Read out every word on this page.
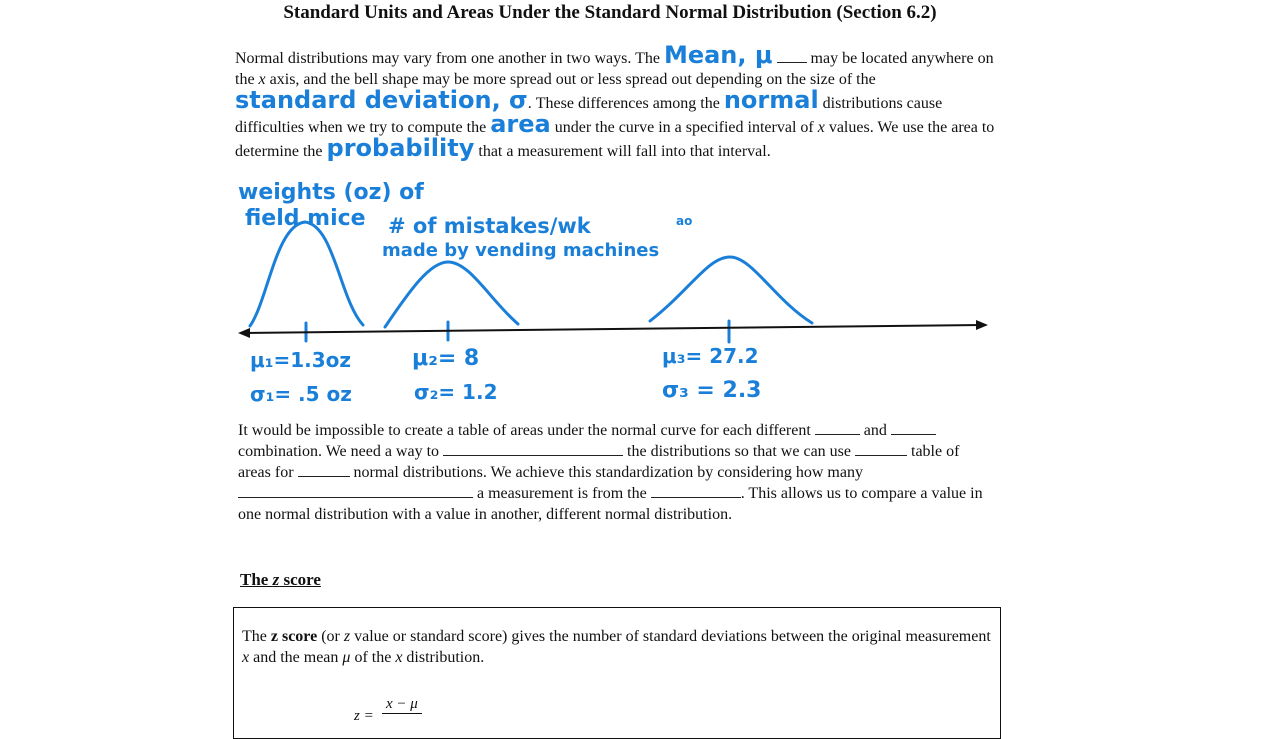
Standard Units and Areas Under the Standard Normal Distribution (Section 6.2)

Normal distributions may vary from one another in two ways. The Mean, μ may be located anywhere on the x axis, and the bell shape may be more spread out or less spread out depending on the size of the standard deviation, σ. These differences among the normal distributions cause difficulties when we try to compute the area under the curve in a specified interval of x values. We use the area to determine the probability that a measurement will fall into that interval.

weights (oz) of
field mice # of mistakes/wk
made by vending machines
ao
μ₁=1.3oz
σ₁= .5 oz
μ₂= 8
σ₂= 1.2
μ₃= 27.2
σ₃ = 2.3

It would be impossible to create a table of areas under the normal curve for each different	and  combination. We need a way to	the distributions so that we can use	table of areas for	normal distributions. We achieve this standardization by considering how many  a measurement is from the	. This allows us to compare a value in one normal distribution with a value in another, different normal distribution.

The z score
The z score (or z value or standard score) gives the number of standard deviations between the original measurement x and the mean μ of the x distribution.
z =
x − μ
